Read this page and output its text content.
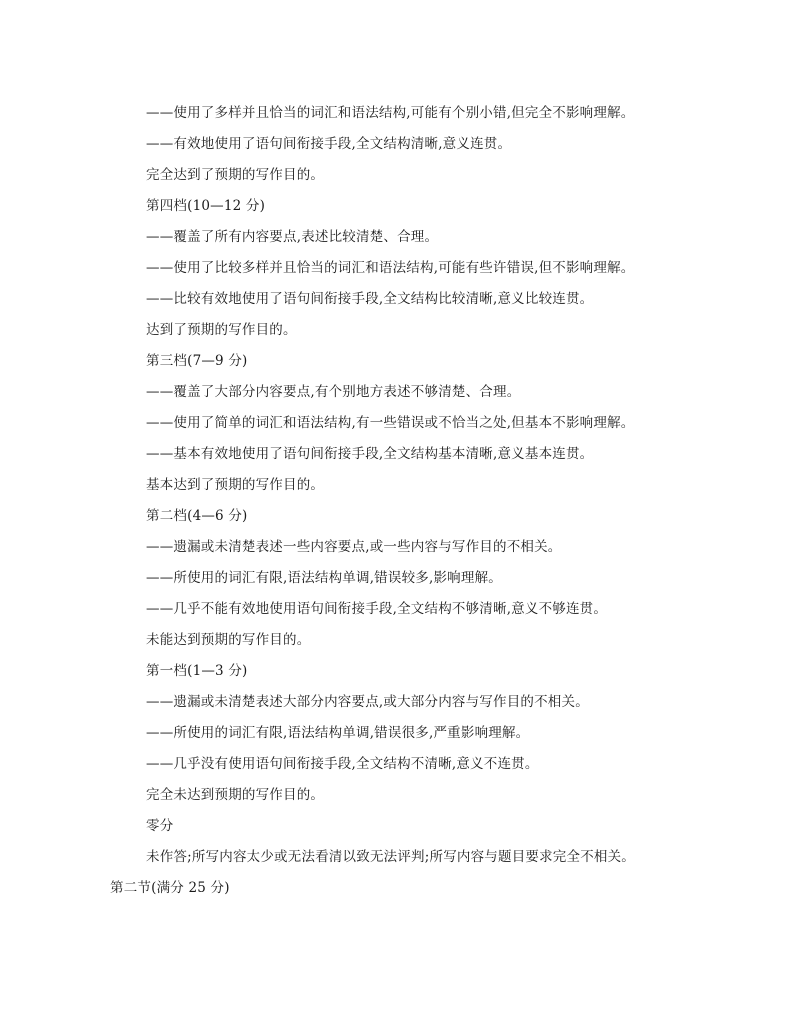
——使用了多样并且恰当的词汇和语法结构,可能有个别小错,但完全不影响理解。
——有效地使用了语句间衔接手段,全文结构清晰,意义连贯。
完全达到了预期的写作目的。
第四档(10—12 分)
——覆盖了所有内容要点,表述比较清楚、合理。
——使用了比较多样并且恰当的词汇和语法结构,可能有些许错误,但不影响理解。
——比较有效地使用了语句间衔接手段,全文结构比较清晰,意义比较连贯。
达到了预期的写作目的。
第三档(7—9 分)
——覆盖了大部分内容要点,有个别地方表述不够清楚、合理。
——使用了简单的词汇和语法结构,有一些错误或不恰当之处,但基本不影响理解。
——基本有效地使用了语句间衔接手段,全文结构基本清晰,意义基本连贯。
基本达到了预期的写作目的。
第二档(4—6 分)
——遗漏或未清楚表述一些内容要点,或一些内容与写作目的不相关。
——所使用的词汇有限,语法结构单调,错误较多,影响理解。
——几乎不能有效地使用语句间衔接手段,全文结构不够清晰,意义不够连贯。
未能达到预期的写作目的。
第一档(1—3 分)
——遗漏或未清楚表述大部分内容要点,或大部分内容与写作目的不相关。
——所使用的词汇有限,语法结构单调,错误很多,严重影响理解。
——几乎没有使用语句间衔接手段,全文结构不清晰,意义不连贯。
完全未达到预期的写作目的。
零分
未作答;所写内容太少或无法看清以致无法评判;所写内容与题目要求完全不相关。
第二节(满分 25 分)
